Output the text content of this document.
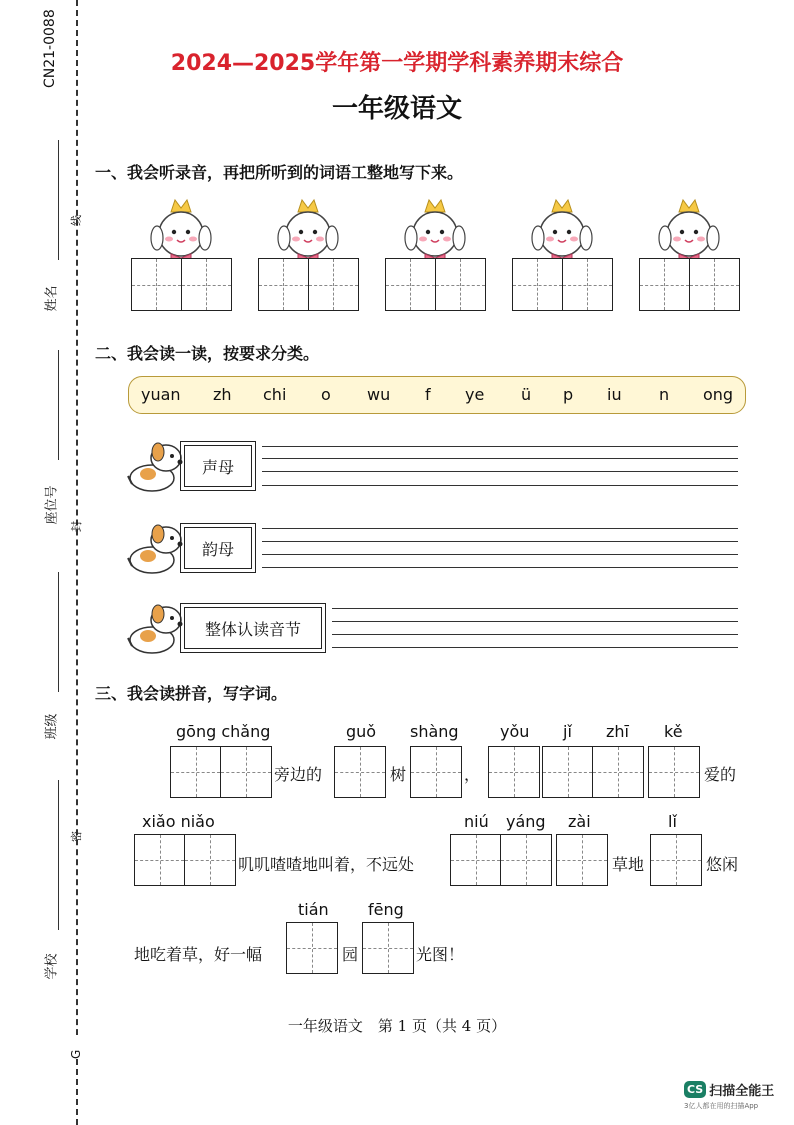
CN21-0088
姓名
线
座位号
封
班级
密
学校
G
2024—2025学年第一学期学科素养期末综合
一年级语文
一、我会听录音，再把所听到的词语工整地写下来。
二、我会读一读，按要求分类。
yuan zh chi o wu f ye ü p iu n ong
声母
韵母
整体认读音节
三、我会读拼音，写字词。
gōng chǎng
旁边的
guǒ
树
shàng
，
yǒu jǐ zhī kě
爱的
xiǎo niǎo
叽叽喳喳地叫着，不远处
niú yáng zài
草地
lǐ
悠闲
地吃着草，好一幅
tián
园
fēng
光图！
一年级语文　第 1 页（共 4 页）
CS 扫描全能王
3亿人都在用的扫描App
